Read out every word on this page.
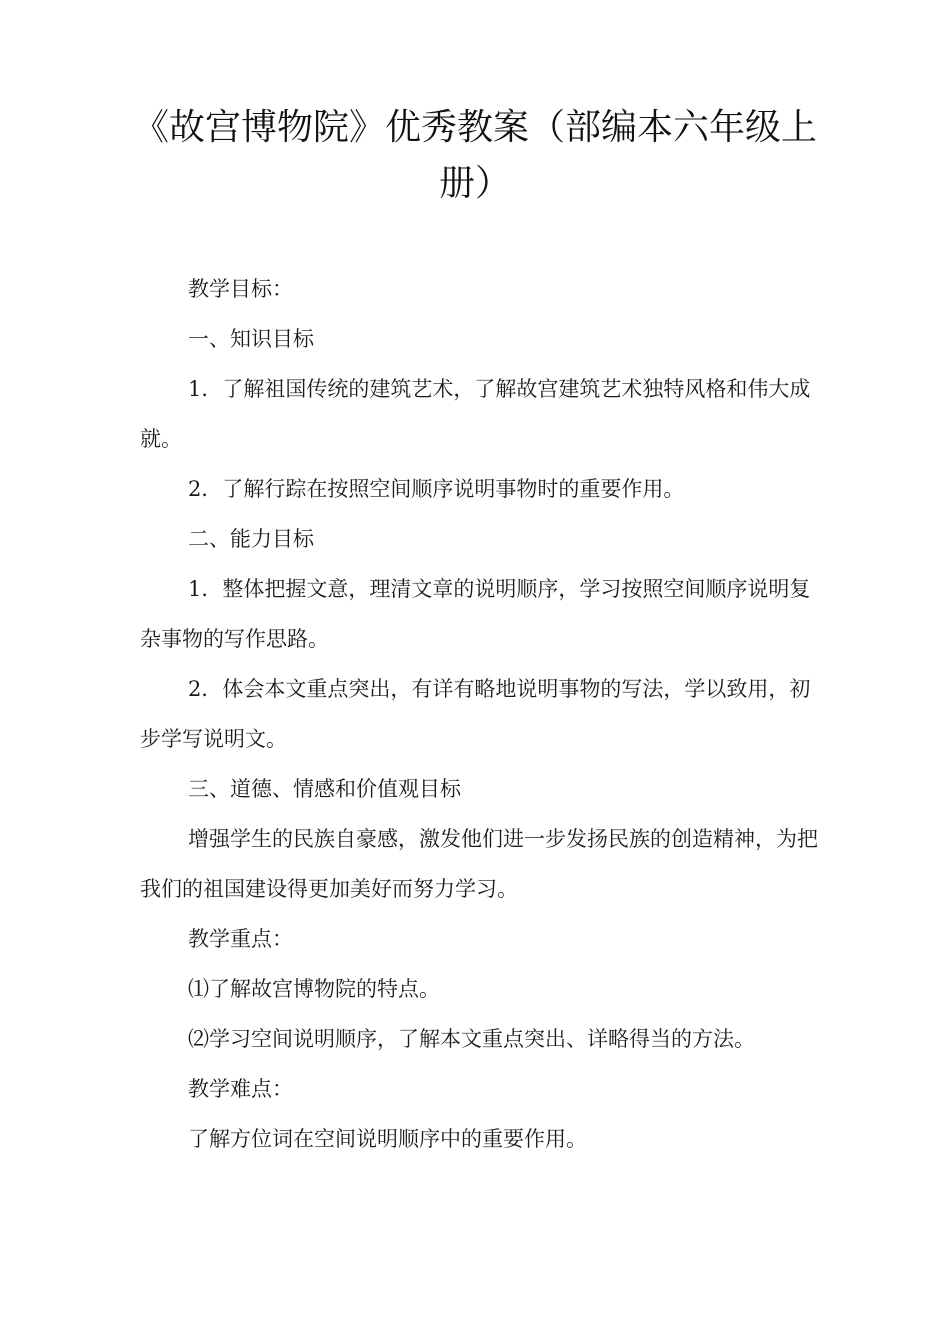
《故宫博物院》优秀教案（部编本六年级上册）

教学目标：

一、知识目标

1．了解祖国传统的建筑艺术，了解故宫建筑艺术独特风格和伟大成就。

2．了解行踪在按照空间顺序说明事物时的重要作用。

二、能力目标

1．整体把握文意，理清文章的说明顺序，学习按照空间顺序说明复杂事物的写作思路。

2．体会本文重点突出，有详有略地说明事物的写法，学以致用，初步学写说明文。

三、道德、情感和价值观目标

增强学生的民族自豪感，激发他们进一步发扬民族的创造精神，为把我们的祖国建设得更加美好而努力学习。

教学重点：

⑴了解故宫博物院的特点。

⑵学习空间说明顺序，了解本文重点突出、详略得当的方法。

教学难点：

了解方位词在空间说明顺序中的重要作用。
